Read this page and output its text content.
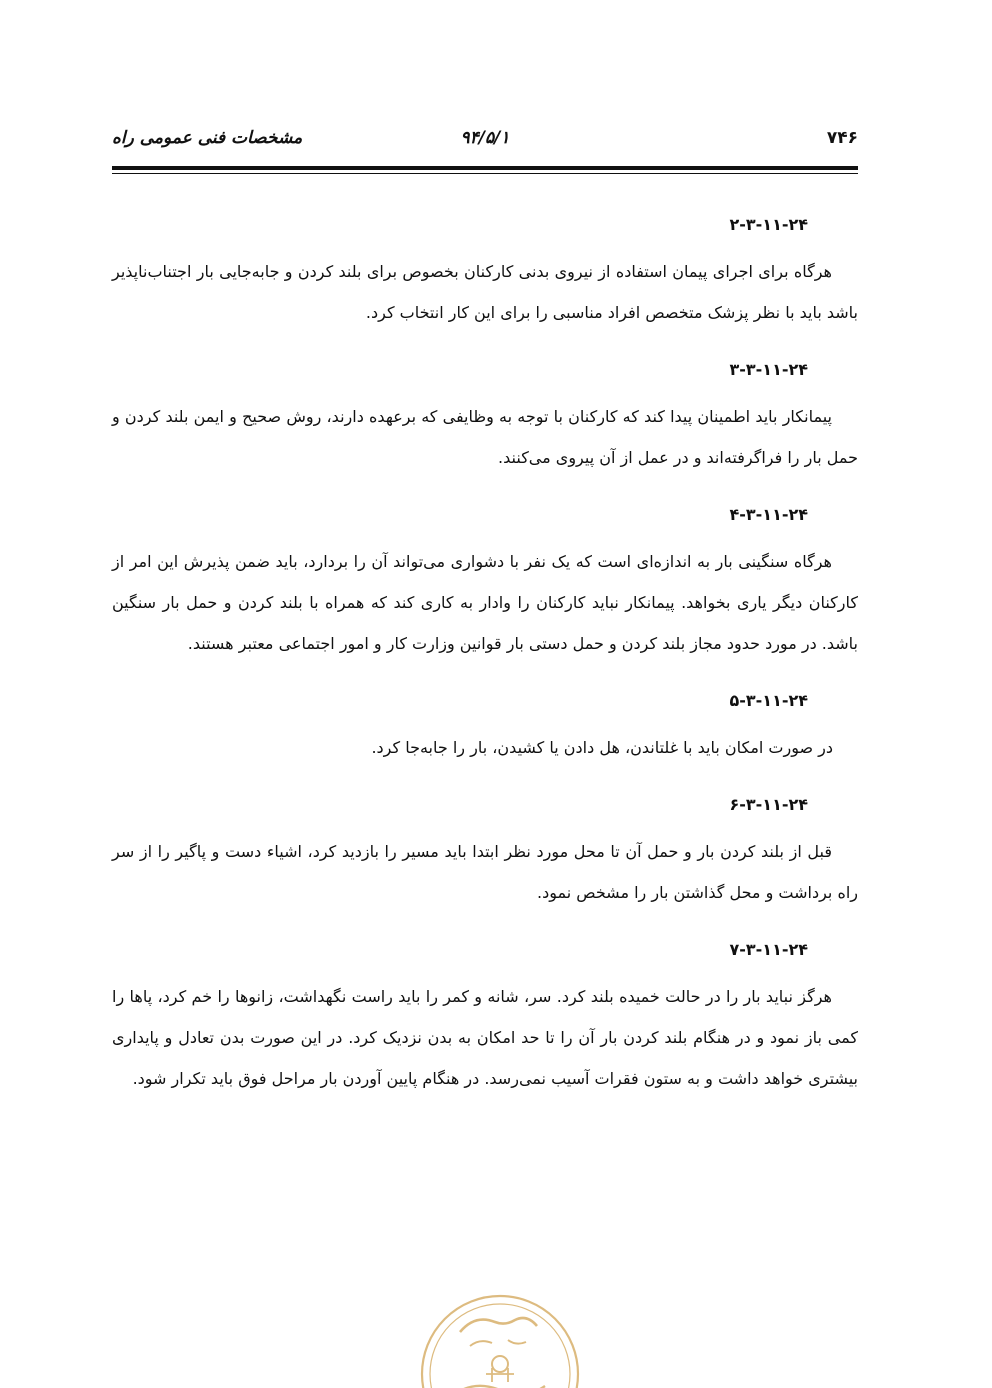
۷۴۶
۹۴/۵/۱
مشخصات فنی عمومی راه
۲-۳-۱۱-۲۴

هرگاه برای اجرای پیمان استفاده از نیروی بدنی کارکنان بخصوص برای بلند کردن و جابه‌جایی بار اجتناب‌ناپذیر باشد باید با نظر پزشک متخصص افراد مناسبی را برای این کار انتخاب کرد.

۳-۳-۱۱-۲۴

پیمانکار باید اطمینان پیدا کند که کارکنان با توجه به وظایفی که برعهده دارند، روش صحیح و ایمن بلند کردن و حمل بار را فراگرفته‌اند و در عمل از آن پیروی می‌کنند.

۴-۳-۱۱-۲۴

هرگاه سنگینی بار به اندازه‌ای است که یک نفر با دشواری می‌تواند آن را بردارد، باید ضمن پذیرش این امر از کارکنان دیگر یاری بخواهد. پیمانکار نباید کارکنان را وادار به کاری کند که همراه با بلند کردن و حمل بار سنگین باشد. در مورد حدود مجاز بلند کردن و حمل دستی بار قوانین وزارت کار و امور اجتماعی معتبر هستند.

۵-۳-۱۱-۲۴

در صورت امکان باید با غلتاندن، هل دادن یا کشیدن، بار را جابه‌جا کرد.

۶-۳-۱۱-۲۴

قبل از بلند کردن بار و حمل آن تا محل مورد نظر ابتدا باید مسیر را بازدید کرد، اشیاء دست و پاگیر را از سر راه برداشت و محل گذاشتن بار را مشخص نمود.

۷-۳-۱۱-۲۴

هرگز نباید بار را در حالت خمیده بلند کرد. سر، شانه و کمر را باید راست نگهداشت، زانوها را خم کرد، پاها را کمی باز نمود و در هنگام بلند کردن بار آن را تا حد امکان به بدن نزدیک کرد. در این صورت بدن تعادل و پایداری بیشتری خواهد داشت و به ستون فقرات آسیب نمی‌رسد. در هنگام پایین آوردن بار مراحل فوق باید تکرار شود.
